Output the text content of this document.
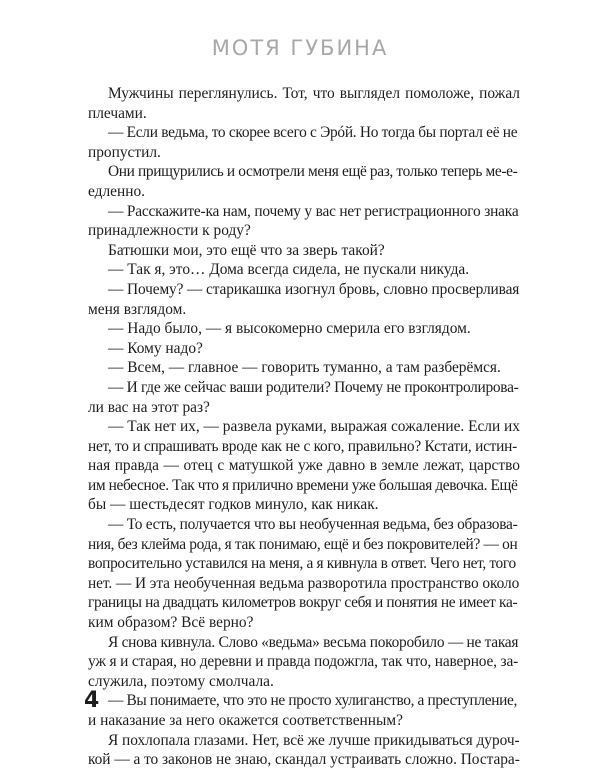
МОТЯ ГУБИНА
Мужчины переглянулись. Тот, что выглядел помоложе, пожал
плечами.
— Если ведьма, то скорее всего с Эрóй. Но тогда бы портал её не
пропустил.
Они прищурились и осмотрели меня ещё раз, только теперь ме-е-
едленно.
— Расскажите-ка нам, почему у вас нет регистрационного знака
принадлежности к роду?
Батюшки мои, это ещё что за зверь такой?
— Так я, это… Дома всегда сидела, не пускали никуда.
— Почему? — старикашка изогнул бровь, словно просверливая
меня взглядом.
— Надо было, — я высокомерно смерила его взглядом.
— Кому надо?
— Всем, — главное — говорить туманно, а там разберёмся.
— И где же сейчас ваши родители? Почему не проконтролирова-
ли вас на этот раз?
— Так нет их, — развела руками, выражая сожаление. Если их
нет, то и спрашивать вроде как не с кого, правильно? Кстати, истин-
ная правда — отец с матушкой уже давно в земле лежат, царство
им небесное. Так что я прилично времени уже большая девочка. Ещё
бы — шестьдесят годков минуло, как никак.
— То есть, получается что вы необученная ведьма, без образова-
ния, без клейма рода, я так понимаю, ещё и без покровителей? — он
вопросительно уставился на меня, а я кивнула в ответ. Чего нет, того
нет. — И эта необученная ведьма разворотила пространство около
границы на двадцать километров вокруг себя и понятия не имеет ка-
ким образом? Всё верно?
Я снова кивнула. Слово «ведьма» весьма покоробило — не такая
уж я и старая, но деревни и правда подожгла, так что, наверное, за-
служила, поэтому смолчала.
— Вы понимаете, что это не просто хулиганство, а преступление,
и наказание за него окажется соответственным?
Я похлопала глазами. Нет, всё же лучше прикидываться дуроч-
кой — а то законов не знаю, скандал устраивать сложно. Постара-
4
